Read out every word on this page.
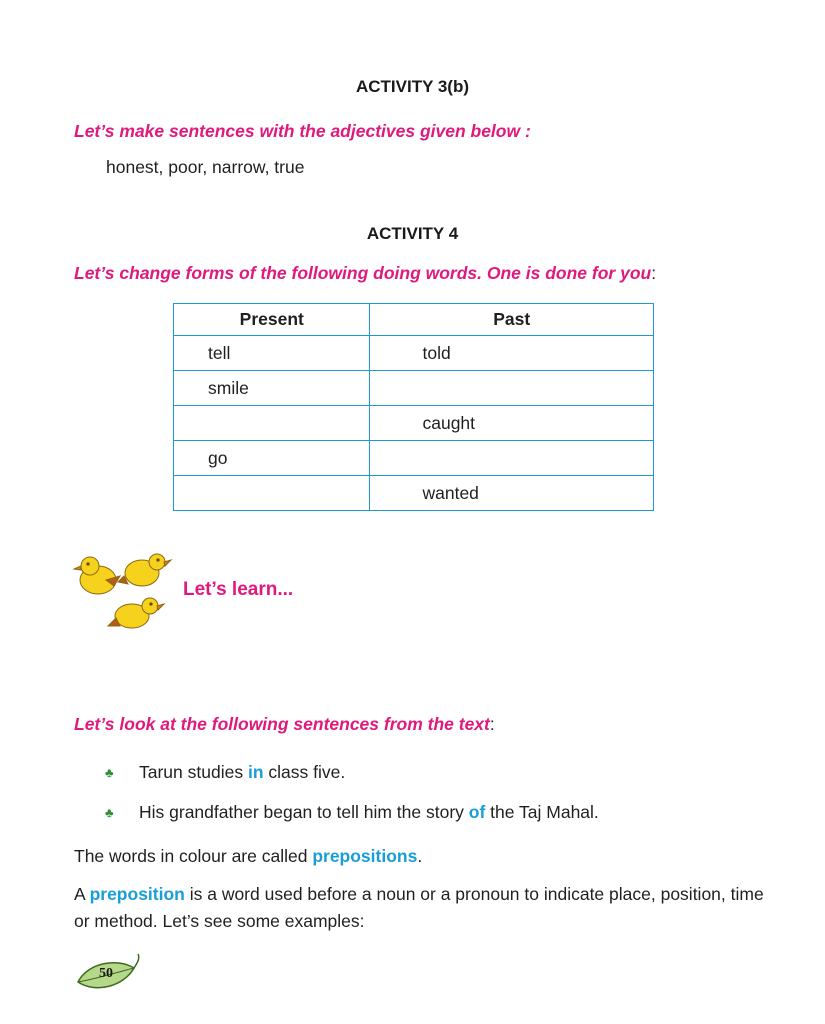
ACTIVITY 3(b)
Let’s make sentences with the adjectives given below :
honest, poor, narrow, true
ACTIVITY 4
Let’s change forms of the following doing words. One is done for you:
Present	Past
tell	told
smile	
	caught
go	
	wanted
Let’s learn...
Let’s look at the following sentences from the text:
♣	Tarun studies in class five.
♣	His grandfather began to tell him the story of the Taj Mahal.
The words in colour are called prepositions.
A preposition is a word used before a noun or a pronoun to indicate place, position, time or method. Let’s see some examples:
50
